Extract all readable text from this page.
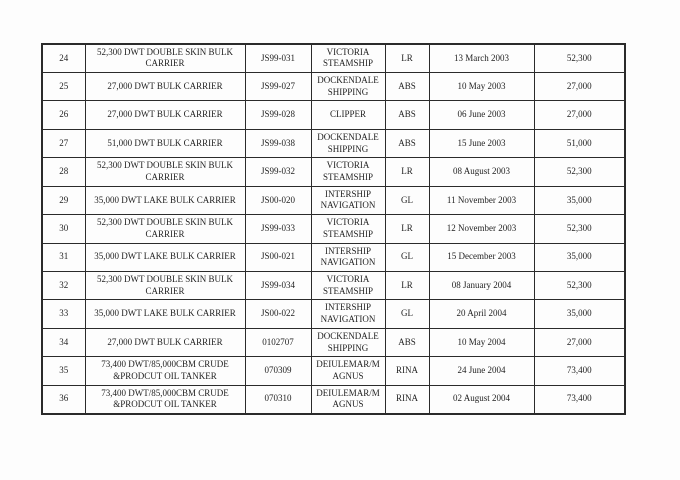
24	52,300 DWT DOUBLE SKIN BULK CARRIER	JS99-031	VICTORIA STEAMSHIP	LR	13 March 2003	52,300
25	27,000 DWT BULK CARRIER	JS99-027	DOCKENDALE SHIPPING	ABS	10 May 2003	27,000
26	27,000 DWT BULK CARRIER	JS99-028	CLIPPER	ABS	06 June 2003	27,000
27	51,000 DWT BULK CARRIER	JS99-038	DOCKENDALE SHIPPING	ABS	15 June 2003	51,000
28	52,300 DWT DOUBLE SKIN BULK CARRIER	JS99-032	VICTORIA STEAMSHIP	LR	08 August 2003	52,300
29	35,000 DWT LAKE BULK CARRIER	JS00-020	INTERSHIP NAVIGATION	GL	11 November 2003	35,000
30	52,300 DWT DOUBLE SKIN BULK CARRIER	JS99-033	VICTORIA STEAMSHIP	LR	12 November 2003	52,300
31	35,000 DWT LAKE BULK CARRIER	JS00-021	INTERSHIP NAVIGATION	GL	15 December 2003	35,000
32	52,300 DWT DOUBLE SKIN BULK CARRIER	JS99-034	VICTORIA STEAMSHIP	LR	08 January 2004	52,300
33	35,000 DWT LAKE BULK CARRIER	JS00-022	INTERSHIP NAVIGATION	GL	20 April 2004	35,000
34	27,000 DWT BULK CARRIER	0102707	DOCKENDALE SHIPPING	ABS	10 May 2004	27,000
35	73,400 DWT/85,000CBM CRUDE &PRODCUT OIL TANKER	070309	DEIULEMAR/M AGNUS	RINA	24 June 2004	73,400
36	73,400 DWT/85,000CBM CRUDE &PRODCUT OIL TANKER	070310	DEIULEMAR/M AGNUS	RINA	02 August 2004	73,400
